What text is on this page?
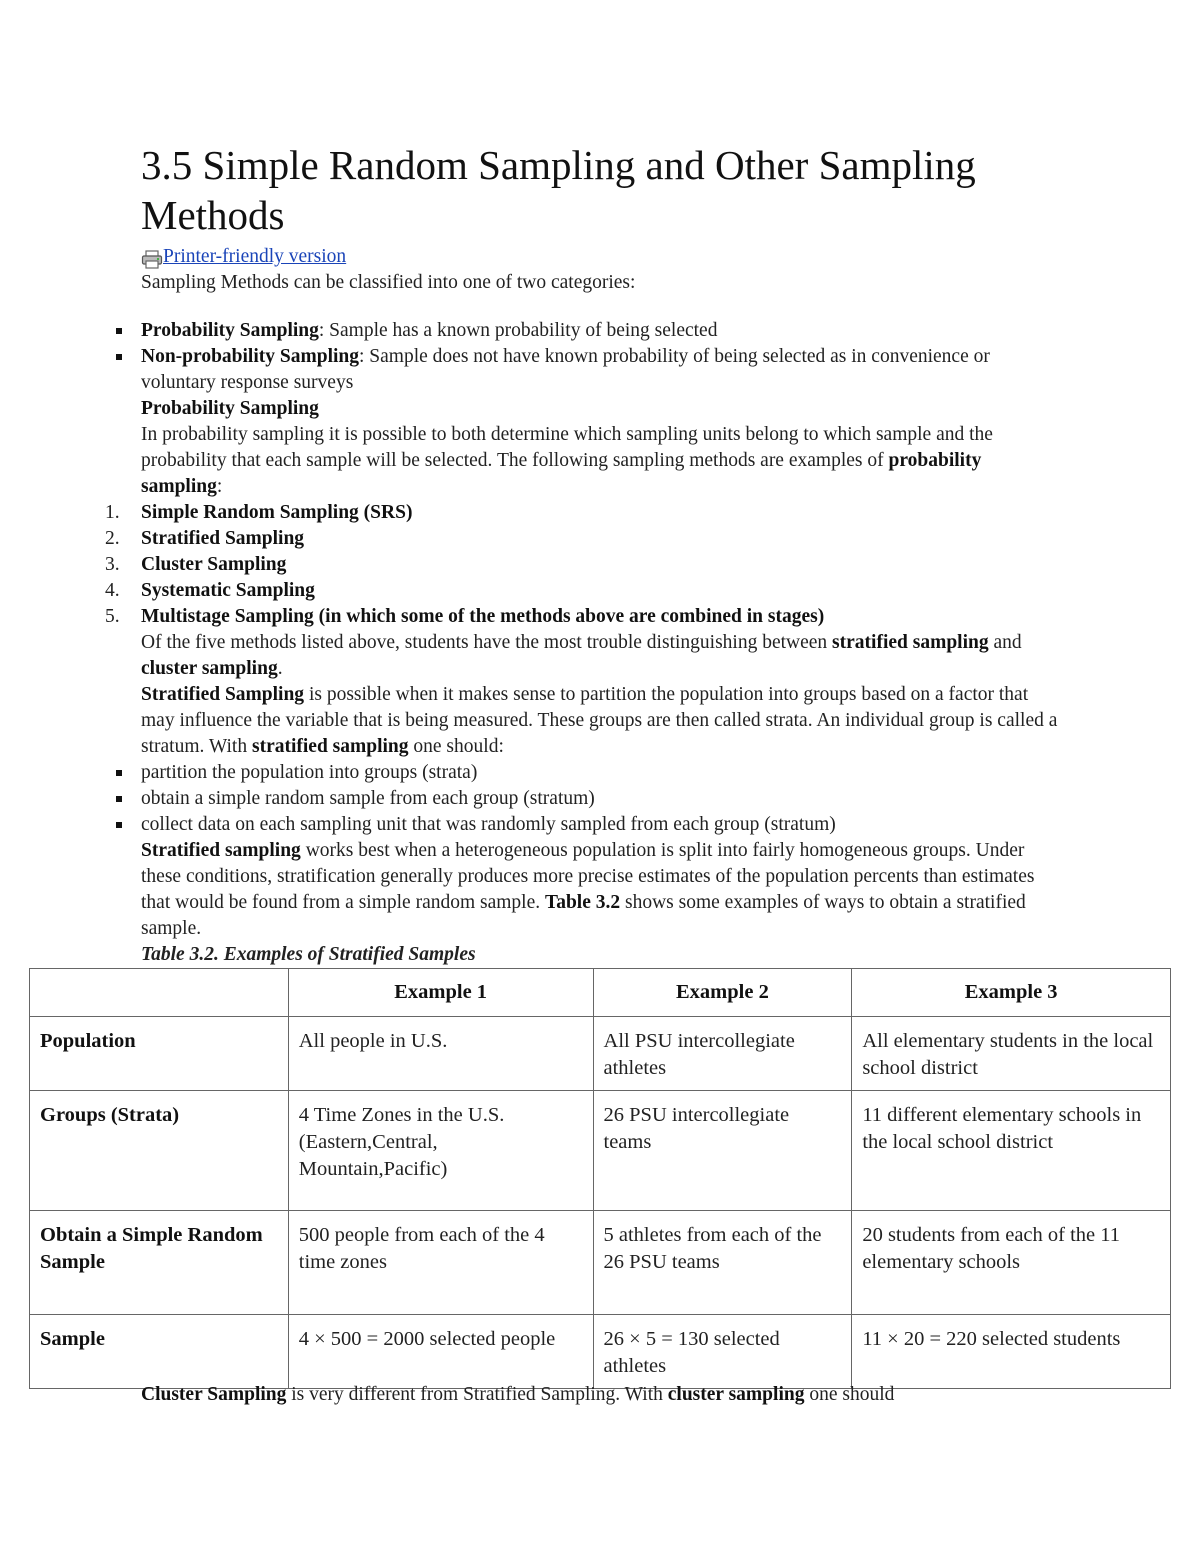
3.5 Simple Random Sampling and Other Sampling Methods
Printer-friendly version

Sampling Methods can be classified into one of two categories:

Probability Sampling: Sample has a known probability of being selected
Non-probability Sampling: Sample does not have known probability of being selected as in convenience or voluntary response surveys

Probability Sampling

In probability sampling it is possible to both determine which sampling units belong to which sample and the probability that each sample will be selected. The following sampling methods are examples of probability sampling:

1. Simple Random Sampling (SRS)
2. Stratified Sampling
3. Cluster Sampling
4. Systematic Sampling
5. Multistage Sampling (in which some of the methods above are combined in stages)

Of the five methods listed above, students have the most trouble distinguishing between stratified sampling and cluster sampling.

Stratified Sampling is possible when it makes sense to partition the population into groups based on a factor that may influence the variable that is being measured. These groups are then called strata. An individual group is called a stratum. With stratified sampling one should:

partition the population into groups (strata)
obtain a simple random sample from each group (stratum)
collect data on each sampling unit that was randomly sampled from each group (stratum)

Stratified sampling works best when a heterogeneous population is split into fairly homogeneous groups. Under these conditions, stratification generally produces more precise estimates of the population percents than estimates that would be found from a simple random sample. Table 3.2 shows some examples of ways to obtain a stratified sample.

Table 3.2. Examples of Stratified Samples

	Example 1	Example 2	Example 3
Population	All people in U.S.	All PSU intercollegiate athletes	All elementary students in the local school district
Groups (Strata)	4 Time Zones in the U.S. (Eastern,Central, Mountain,Pacific)	26 PSU intercollegiate teams	11 different elementary schools in the local school district
Obtain a Simple Random Sample	500 people from each of the 4 time zones	5 athletes from each of the 26 PSU teams	20 students from each of the 11 elementary schools
Sample	4 × 500 = 2000 selected people	26 × 5 = 130 selected athletes	11 × 20 = 220 selected students

Cluster Sampling is very different from Stratified Sampling. With cluster sampling one should
